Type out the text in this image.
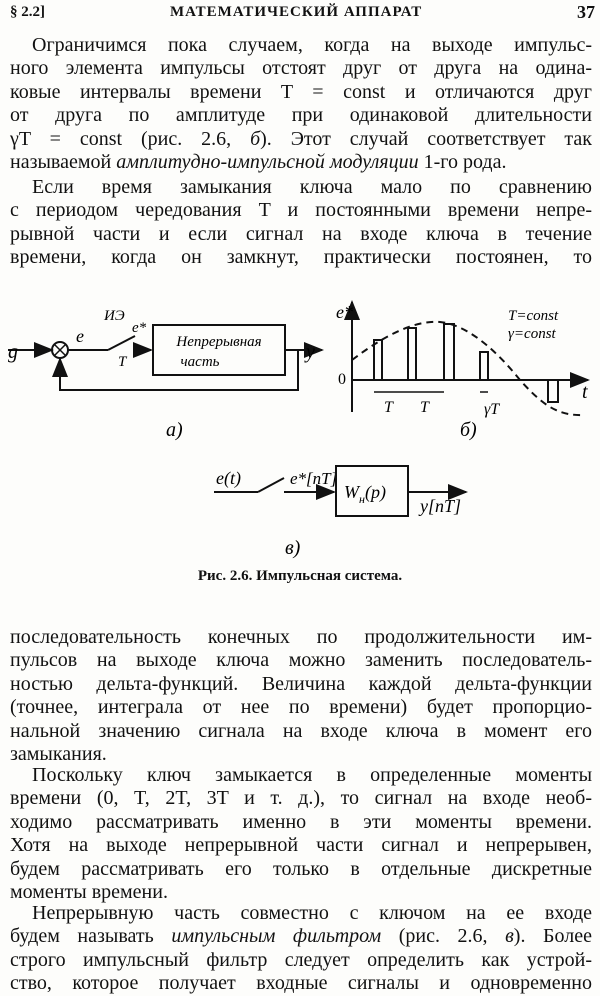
§ 2.2]	МАТЕМАТИЧЕСКИЙ АППАРАТ	37

Ограничимся пока случаем, когда на выходе импульс-
ного элемента импульсы отстоят друг от друга на одина-
ковые интервалы времени T = const и отличаются друг
от друга по амплитуде при одинаковой длительности
γT = const (рис. 2.6, б). Этот случай соответствует так
называемой амплитудно-импульсной модуляции 1-го рода.

Если время замыкания ключа мало по сравнению
с периодом чередования T и постоянными времени непре-
рывной части и если сигнал на входе ключа в течение
времени, когда он замкнут, практически постоянен, то

g
e
ИЭ
e*
T
Непрерывная
часть	y
а)
e*
t
0
T T	γT
T=const
γ=const
б)
e(t)	e*[nT]
$W_н(p)$
y[nT]
в)
Рис. 2.6. Импульсная система.

последовательность конечных по продолжительности им-
пульсов на выходе ключа можно заменить последователь-
ностью дельта-функций. Величина каждой дельта-функции
(точнее, интеграла от нее по времени) будет пропорцио-
нальной значению сигнала на входе ключа в момент его
замыкания.

Поскольку ключ замыкается в определенные моменты
времени (0, T, 2T, 3T и т. д.), то сигнал на входе необ-
ходимо рассматривать именно в эти моменты времени.
Хотя на выходе непрерывной части сигнал и непрерывен,
будем рассматривать его только в отдельные дискретные
моменты времени.

Непрерывную часть совместно с ключом на ее входе
будем называть импульсным фильтром (рис. 2.6, в). Более
строго импульсный фильтр следует определить как устрой-
ство, которое получает входные сигналы и одновременно
